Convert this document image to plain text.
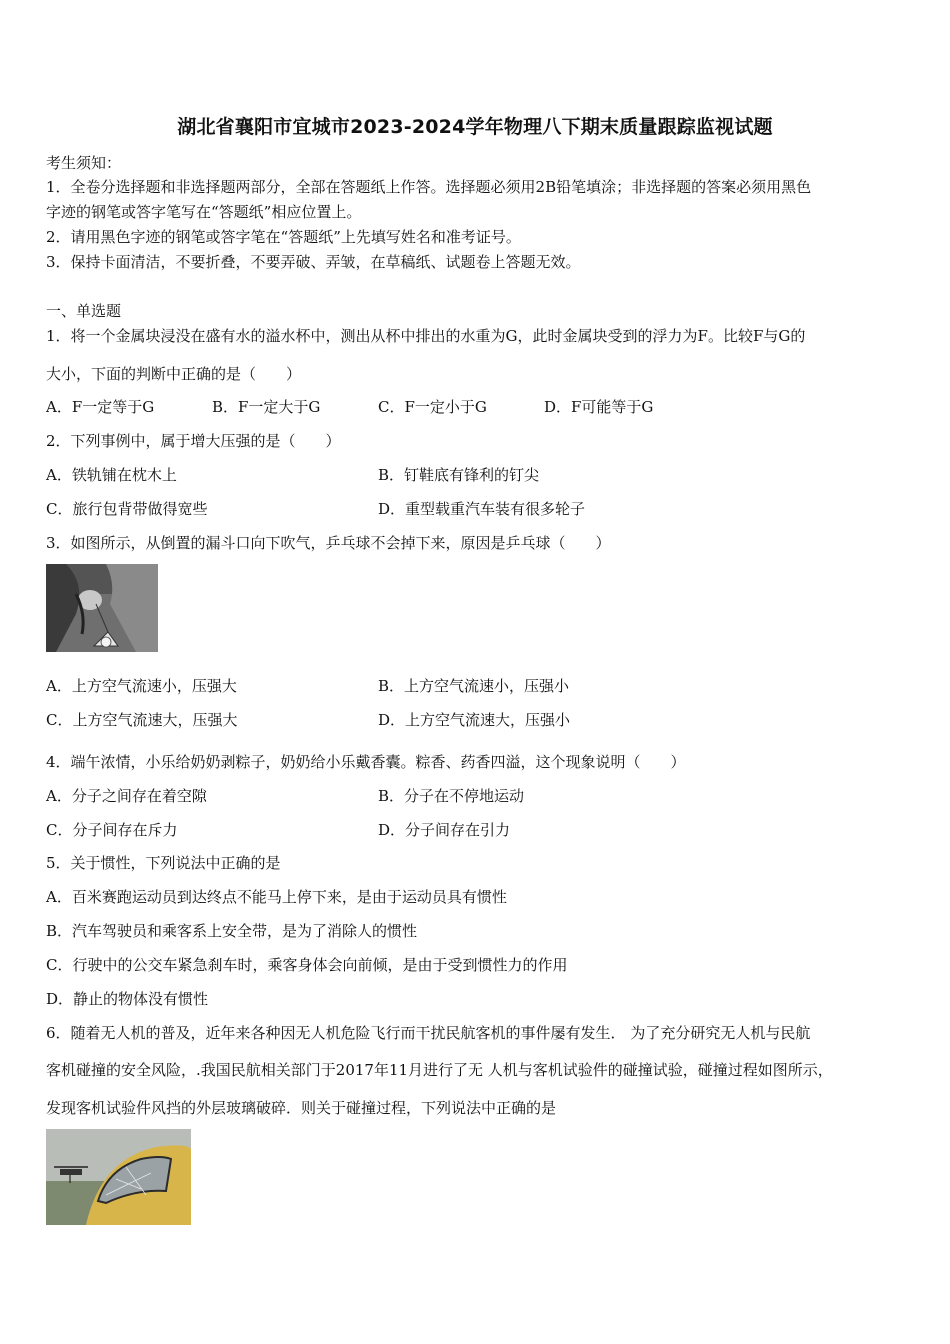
湖北省襄阳市宜城市2023-2024学年物理八下期末质量跟踪监视试题
考生须知：
1．全卷分选择题和非选择题两部分，全部在答题纸上作答。选择题必须用2B铅笔填涂；非选择题的答案必须用黑色
字迹的钢笔或答字笔写在“答题纸”相应位置上。
2．请用黑色字迹的钢笔或答字笔在“答题纸”上先填写姓名和准考证号。
3．保持卡面清洁，不要折叠，不要弄破、弄皱，在草稿纸、试题卷上答题无效。
一、单选题
1．将一个金属块浸没在盛有水的溢水杯中，测出从杯中排出的水重为G，此时金属块受到的浮力为F。比较F与G的
大小，下面的判断中正确的是（　　）
A．F一定等于G	B．F一定大于G	C．F一定小于G	D．F可能等于G
2．下列事例中，属于增大压强的是（　　）
A．铁轨铺在枕木上	B．钉鞋底有锋利的钉尖
C．旅行包背带做得宽些	D．重型载重汽车装有很多轮子
3．如图所示，从倒置的漏斗口向下吹气，乒乓球不会掉下来，原因是乒乓球（　　）
A．上方空气流速小，压强大	B．上方空气流速小，压强小
C．上方空气流速大，压强大	D．上方空气流速大，压强小
4．端午浓情，小乐给奶奶剥粽子，奶奶给小乐戴香囊。粽香、药香四溢，这个现象说明（　　）
A．分子之间存在着空隙	B．分子在不停地运动
C．分子间存在斥力	D．分子间存在引力
5．关于惯性，下列说法中正确的是
A．百米赛跑运动员到达终点不能马上停下来，是由于运动员具有惯性
B．汽车驾驶员和乘客系上安全带，是为了消除人的惯性
C．行驶中的公交车紧急刹车时，乘客身体会向前倾，是由于受到惯性力的作用
D．静止的物体没有惯性
6．随着无人机的普及，近年来各种因无人机危险飞行而干扰民航客机的事件屡有发生． 为了充分研究无人机与民航
客机碰撞的安全风险，.我国民航相关部门于2017年11月进行了无 人机与客机试验件的碰撞试验，碰撞过程如图所示，
发现客机试验件风挡的外层玻璃破碎．则关于碰撞过程，下列说法中正确的是
